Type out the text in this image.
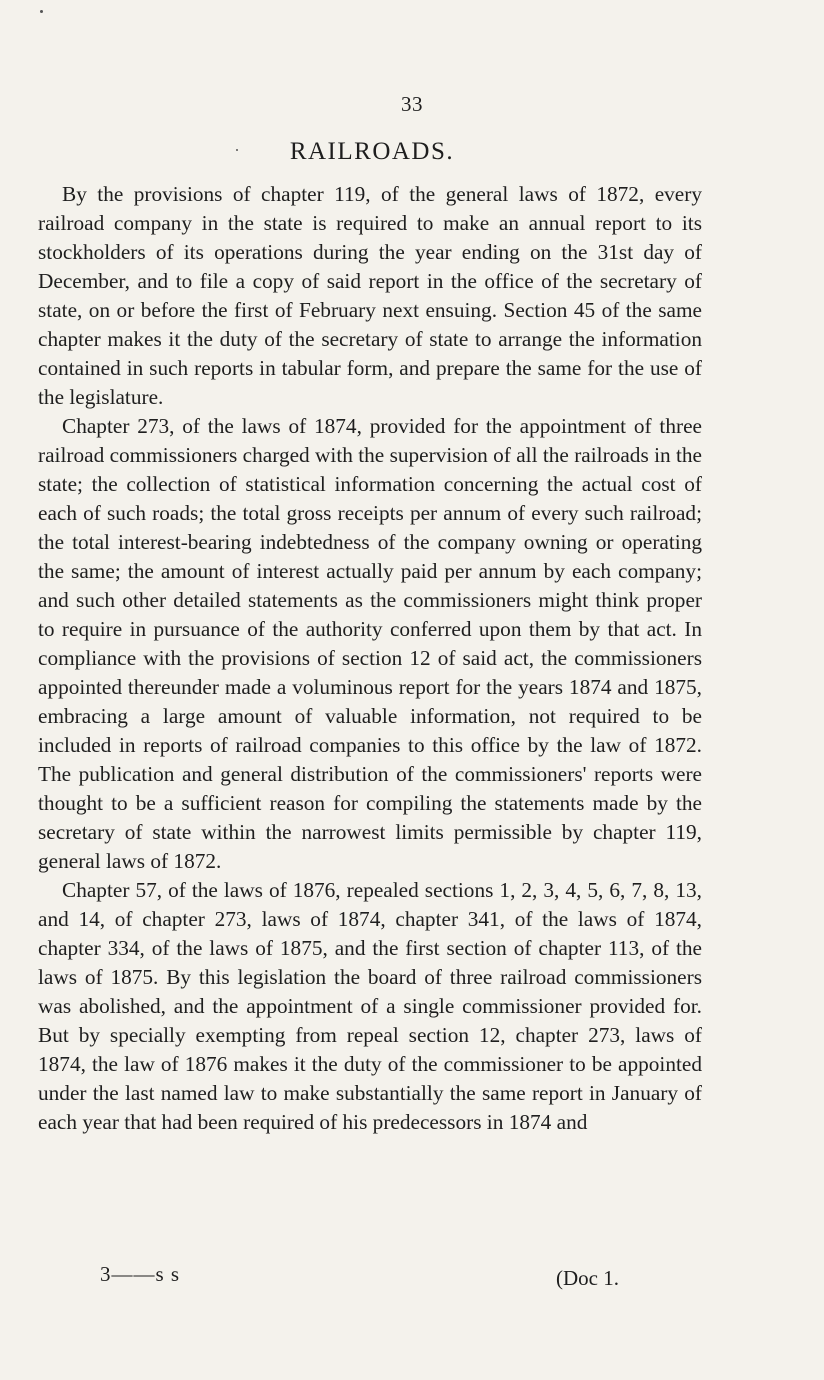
33
RAILROADS.

By the provisions of chapter 119, of the general laws of 1872, every railroad company in the state is required to make an annual report to its stockholders of its operations during the year ending on the 31st day of December, and to file a copy of said report in the office of the secretary of state, on or before the first of February next ensuing. Section 45 of the same chapter makes it the duty of the secretary of state to arrange the information contained in such reports in tabular form, and prepare the same for the use of the legislature.

Chapter 273, of the laws of 1874, provided for the appointment of three railroad commissioners charged with the supervision of all the railroads in the state; the collection of statistical information concerning the actual cost of each of such roads; the total gross receipts per annum of every such railroad; the total interest-bearing indebtedness of the company owning or operating the same; the amount of interest actually paid per annum by each company; and such other detailed statements as the commissioners might think proper to require in pursuance of the authority conferred upon them by that act. In compliance with the provisions of section 12 of said act, the commissioners appointed thereunder made a voluminous report for the years 1874 and 1875, embracing a large amount of valuable information, not required to be included in reports of railroad companies to this office by the law of 1872. The publication and general distribution of the commissioners' reports were thought to be a sufficient reason for compiling the statements made by the secretary of state within the narrowest limits permissible by chapter 119, general laws of 1872.

Chapter 57, of the laws of 1876, repealed sections 1, 2, 3, 4, 5, 6, 7, 8, 13, and 14, of chapter 273, laws of 1874, chapter 341, of the laws of 1874, chapter 334, of the laws of 1875, and the first section of chapter 113, of the laws of 1875. By this legislation the board of three railroad commissioners was abolished, and the appointment of a single commissioner provided for. But by specially exempting from repeal section 12, chapter 273, laws of 1874, the law of 1876 makes it the duty of the commissioner to be appointed under the last named law to make substantially the same report in January of each year that had been required of his predecessors in 1874 and

3——s s	(Doc 1.
